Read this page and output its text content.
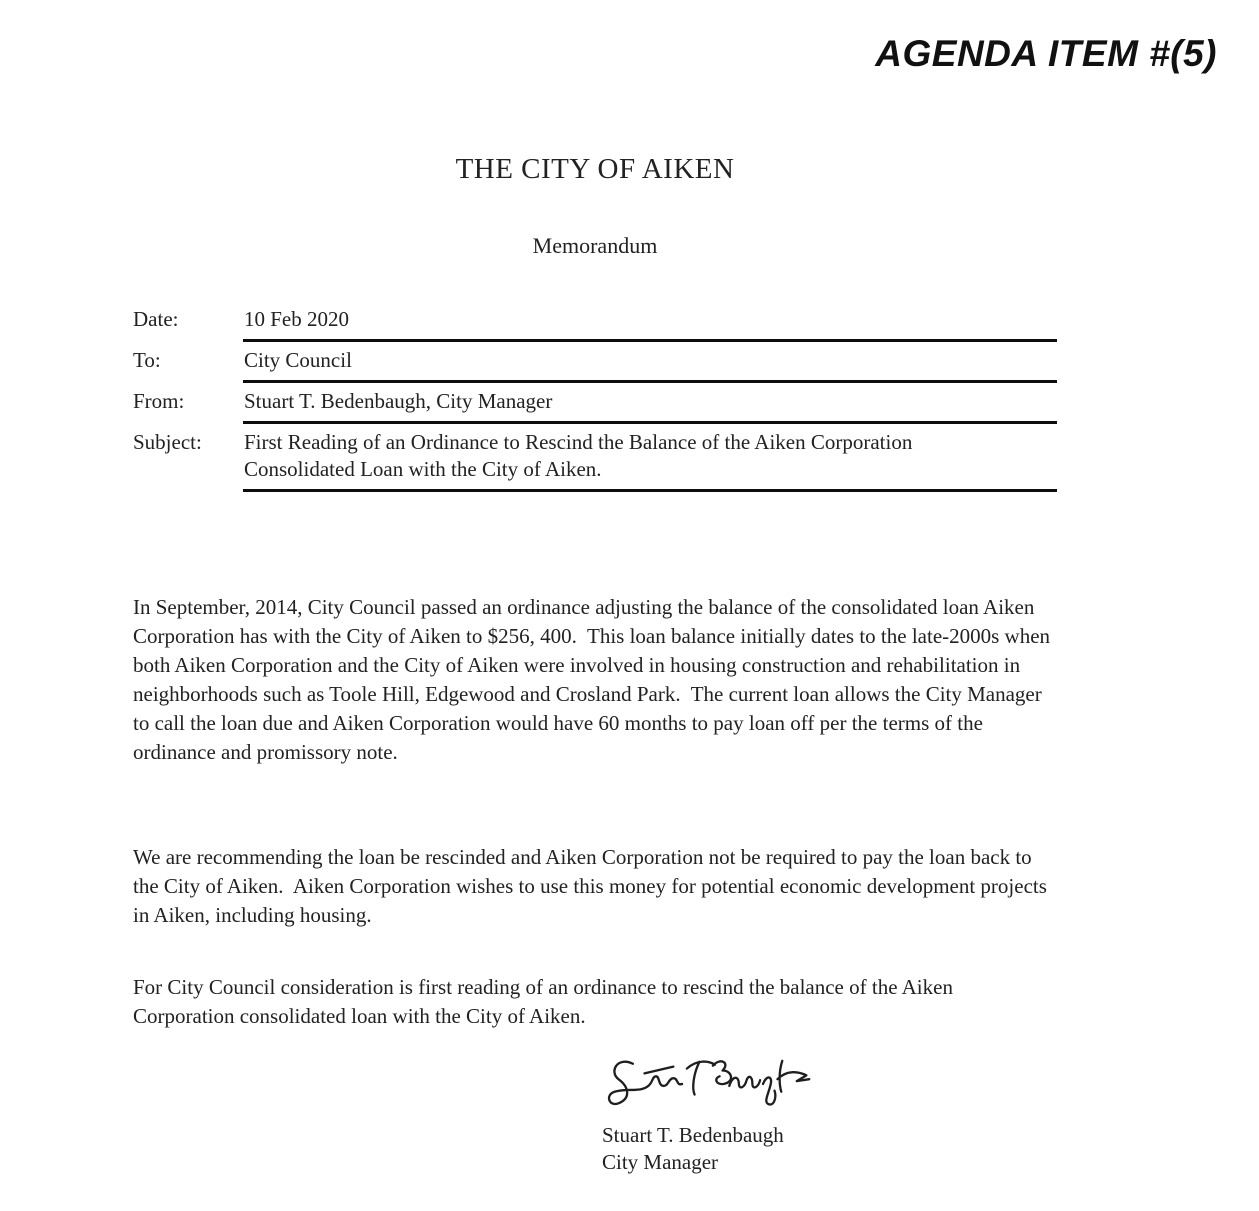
AGENDA ITEM #(5)
THE CITY OF AIKEN
Memorandum
Date:	10 Feb 2020
To:	City Council
From:	Stuart T. Bedenbaugh, City Manager
Subject:	First Reading of an Ordinance to Rescind the Balance of the Aiken Corporation Consolidated Loan with the City of Aiken.

In September, 2014, City Council passed an ordinance adjusting the balance of the consolidated loan Aiken Corporation has with the City of Aiken to $256, 400.  This loan balance initially dates to the late-2000s when both Aiken Corporation and the City of Aiken were involved in housing construction and rehabilitation in neighborhoods such as Toole Hill, Edgewood and Crosland Park.  The current loan allows the City Manager to call the loan due and Aiken Corporation would have 60 months to pay loan off per the terms of the ordinance and promissory note.

We are recommending the loan be rescinded and Aiken Corporation not be required to pay the loan back to the City of Aiken.  Aiken Corporation wishes to use this money for potential economic development projects in Aiken, including housing.

For City Council consideration is first reading of an ordinance to rescind the balance of the Aiken Corporation consolidated loan with the City of Aiken.

Stuart T. Bedenbaugh
City Manager
